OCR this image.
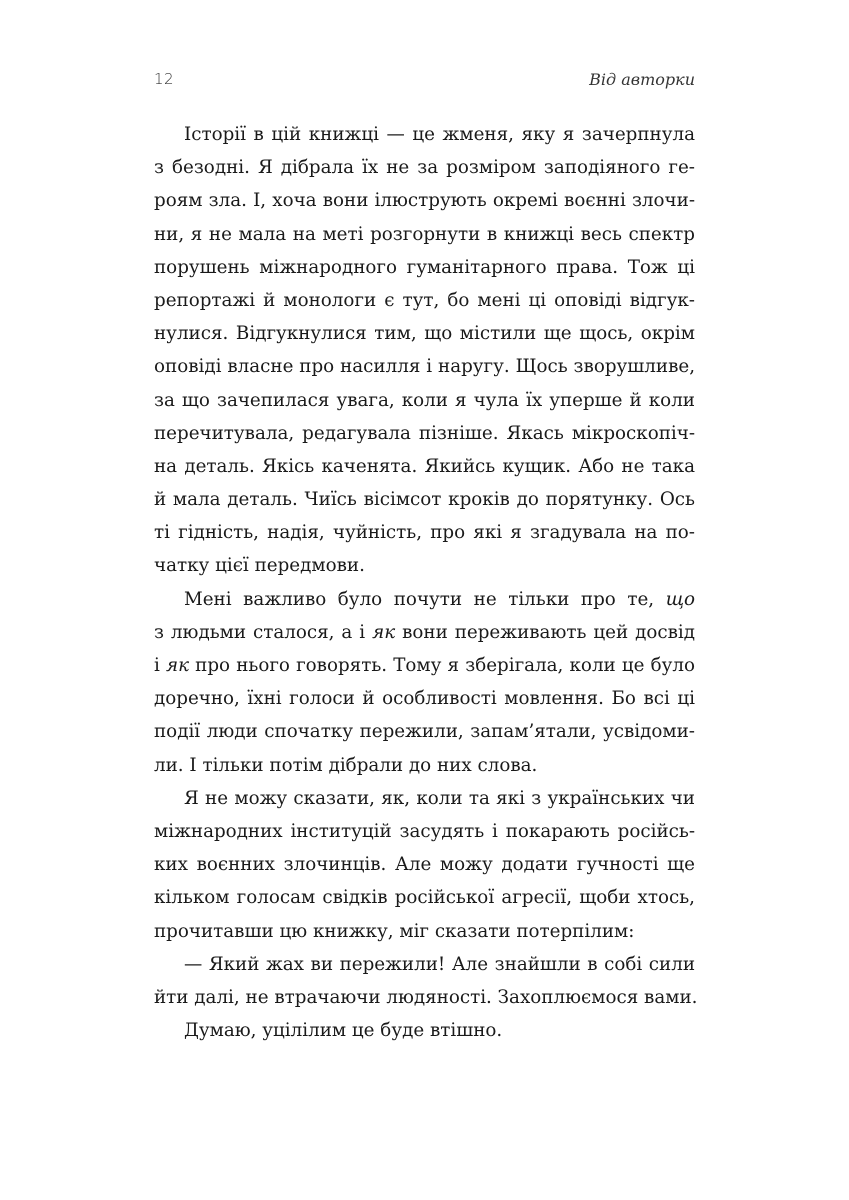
12	Від авторки
Історії в цій книжці — це жменя, яку я зачерпнула
з безодні. Я дібрала їх не за розміром заподіяного ге-
роям зла. І, хоча вони ілюструють окремі воєнні злочи-
ни, я не мала на меті розгорнути в книжці весь спектр
порушень міжнародного гуманітарного права. Тож ці
репортажі й монологи є тут, бо мені ці оповіді відгук-
нулися. Відгукнулися тим, що містили ще щось, окрім
оповіді власне про насилля і наругу. Щось зворушливе,
за що зачепилася увага, коли я чула їх уперше й коли
перечитувала, редагувала пізніше. Якась мікроскопіч-
на деталь. Якісь каченята. Якийсь кущик. Або не така
й мала деталь. Чиїсь вісімсот кроків до порятунку. Ось
ті гідність, надія, чуйність, про які я згадувала на по-
чатку цієї передмови.
Мені важливо було почути не тільки про те, що
з людьми сталося, а і як вони переживають цей досвід
і як про нього говорять. Тому я зберігала, коли це було
доречно, їхні голоси й особливості мовлення. Бо всі ці
події люди спочатку пережили, запам’ятали, усвідоми-
ли. І тільки потім дібрали до них слова.
Я не можу сказати, як, коли та які з українських чи
міжнародних інституцій засудять і покарають російсь-
ких воєнних злочинців. Але можу додати гучності ще
кільком голосам свідків російської агресії, щоби хтось,
прочитавши цю книжку, міг сказати потерпілим:
— Який жах ви пережили! Але знайшли в собі сили
йти далі, не втрачаючи людяності. Захоплюємося вами.
Думаю, уцілілим це буде втішно.
